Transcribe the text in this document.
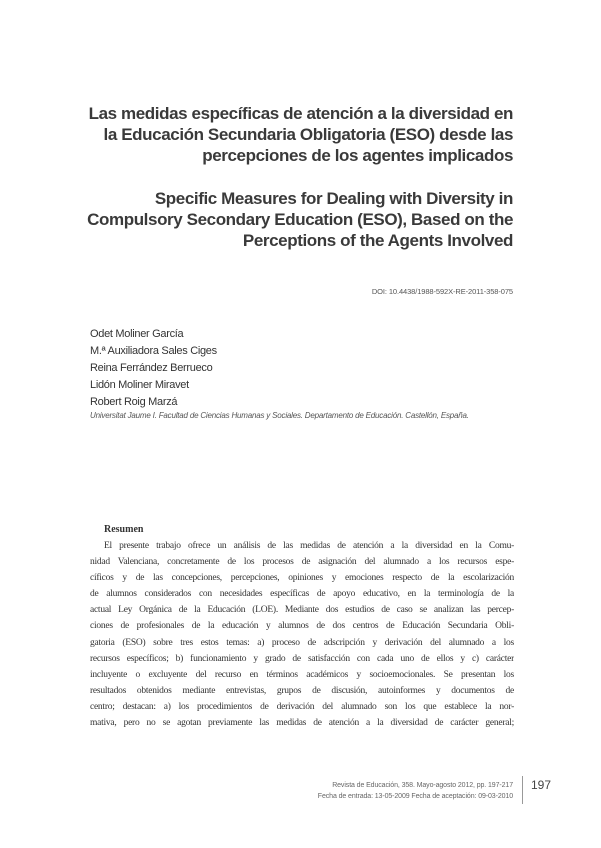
Las medidas específicas de atención a la diversidad en
la Educación Secundaria Obligatoria (ESO) desde las
percepciones de los agentes implicados
Specific Measures for Dealing with Diversity in
Compulsory Secondary Education (ESO), Based on the
Perceptions of the Agents Involved
DOI: 10.4438/1988-592X-RE-2011-358-075
Odet Moliner García
M.ª Auxiliadora Sales Ciges
Reina Ferrández Berrueco
Lidón Moliner Miravet
Robert Roig Marzá
Universitat Jaume I. Facultad de Ciencias Humanas y Sociales. Departamento de Educación. Castellón, España.
Resumen
El presente trabajo ofrece un análisis de las medidas de atención a la diversidad en la Comu-
nidad Valenciana, concretamente de los procesos de asignación del alumnado a los recursos espe-
cíficos y de las concepciones, percepciones, opiniones y emociones respecto de la escolarización
de alumnos considerados con necesidades específicas de apoyo educativo, en la terminología de la
actual Ley Orgánica de la Educación (LOE). Mediante dos estudios de caso se analizan las percep-
ciones de profesionales de la educación y alumnos de dos centros de Educación Secundaria Obli-
gatoria (ESO) sobre tres estos temas: a) proceso de adscripción y derivación del alumnado a los
recursos específicos; b) funcionamiento y grado de satisfacción con cada uno de ellos y c) carácter
incluyente o excluyente del recurso en términos académicos y socioemocionales. Se presentan los
resultados obtenidos mediante entrevistas, grupos de discusión, autoinformes y documentos de
centro; destacan: a) los procedimientos de derivación del alumnado son los que establece la nor-
mativa, pero no se agotan previamente las medidas de atención a la diversidad de carácter general;
Revista de Educación, 358. Mayo-agosto 2012, pp. 197-217
Fecha de entrada: 13-05-2009 Fecha de aceptación: 09-03-2010
197
